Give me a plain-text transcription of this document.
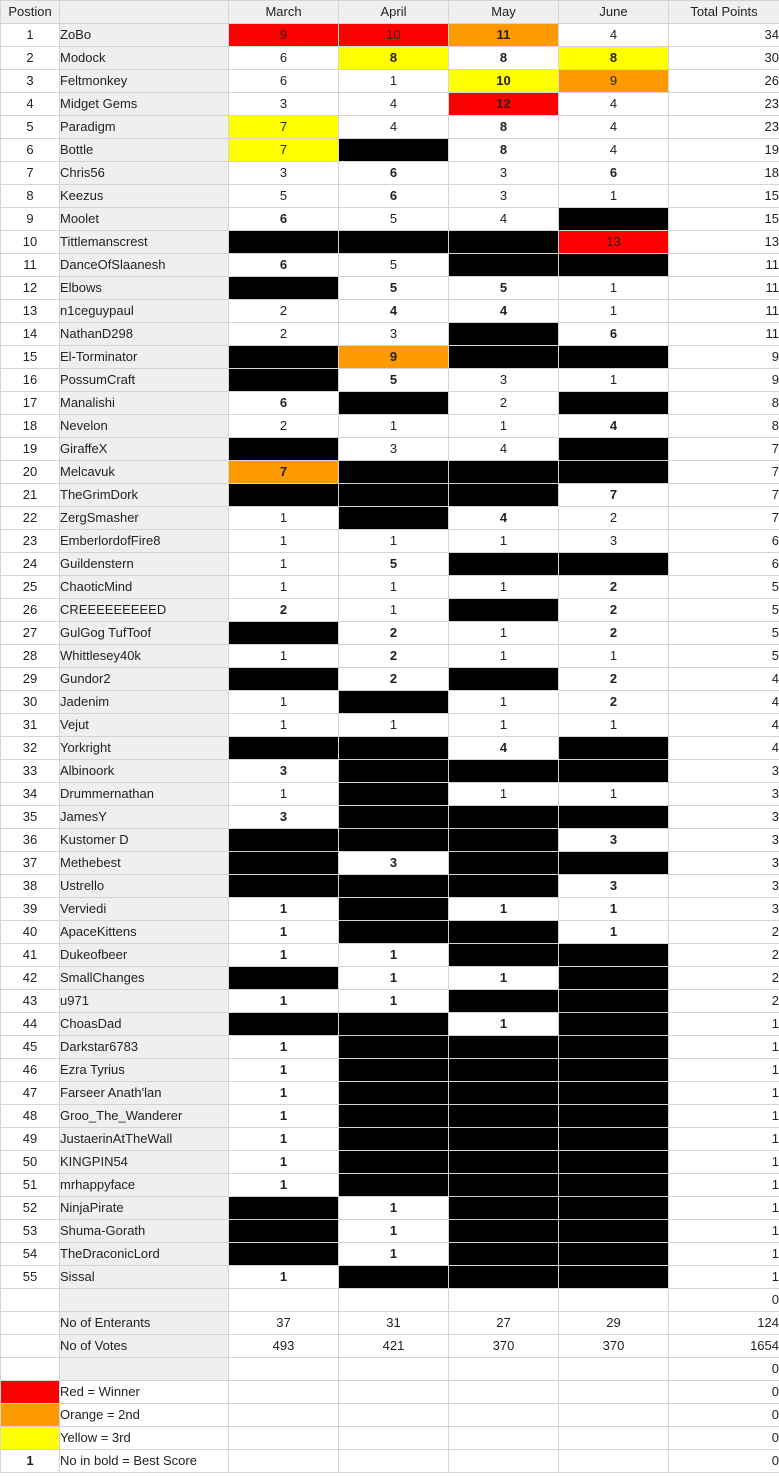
Postion		March	April	May	June	Total Points
1	ZoBo	9	10	11	4	34
2	Modock	6	8	8	8	30
3	Feltmonkey	6	1	10	9	26
4	Midget Gems	3	4	12	4	23
5	Paradigm	7	4	8	4	23
6	Bottle	7		8	4	19
7	Chris56	3	6	3	6	18
8	Keezus	5	6	3	1	15
9	Moolet	6	5	4		15
10	Tittlemanscrest				13	13
11	DanceOfSlaanesh	6	5			11
12	Elbows		5	5	1	11
13	n1ceguypaul	2	4	4	1	11
14	NathanD298	2	3		6	11
15	El-Torminator		9			9
16	PossumCraft		5	3	1	9
17	Manalishi	6		2		8
18	Nevelon	2	1	1	4	8
19	GiraffeX		3	4		7
20	Melcavuk	7				7
21	TheGrimDork				7	7
22	ZergSmasher	1		4	2	7
23	EmberlordofFire8	1	1	1	3	6
24	Guildenstern	1	5			6
25	ChaoticMind	1	1	1	2	5
26	CREEEEEEEEED	2	1		2	5
27	GulGog TufToof		2	1	2	5
28	Whittlesey40k	1	2	1	1	5
29	Gundor2		2		2	4
30	Jadenim	1		1	2	4
31	Vejut	1	1	1	1	4
32	Yorkright			4		4
33	Albinoork	3				3
34	Drummernathan	1		1	1	3
35	JamesY	3				3
36	Kustomer D				3	3
37	Methebest		3			3
38	Ustrello				3	3
39	Verviedi	1		1	1	3
40	ApaceKittens	1			1	2
41	Dukeofbeer	1	1			2
42	SmallChanges		1	1		2
43	u971	1	1			2
44	ChoasDad			1		1
45	Darkstar6783	1				1
46	Ezra Tyrius	1				1
47	Farseer Anath'lan	1				1
48	Groo_The_Wanderer	1				1
49	JustaerinAtTheWall	1				1
50	KINGPIN54	1				1
51	mrhappyface	1				1
52	NinjaPirate		1			1
53	Shuma-Gorath		1			1
54	TheDraconicLord		1			1
55	Sissal	1				1
						0
	No of Enterants	37	31	27	29	124
	No of Votes	493	421	370	370	1654
						0
	Red = Winner					0
	Orange = 2nd					0
	Yellow = 3rd					0
1	No in bold = Best Score					0
